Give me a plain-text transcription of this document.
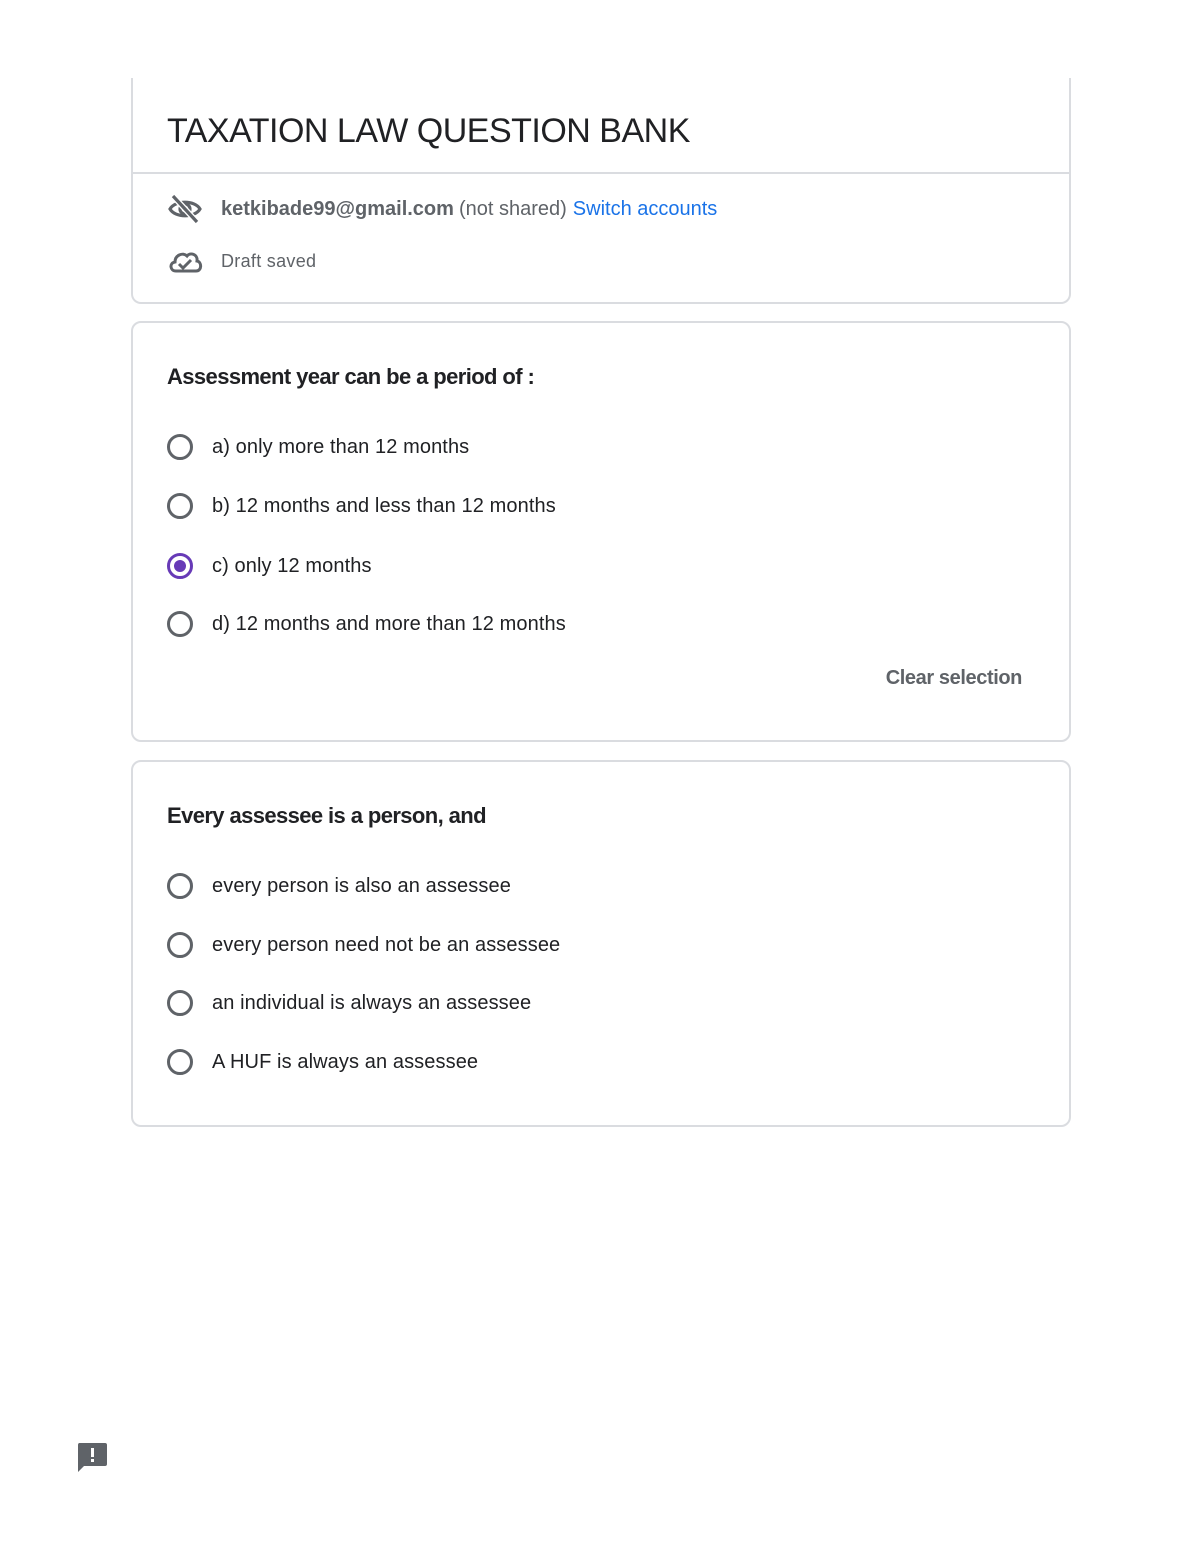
TAXATION LAW QUESTION BANK
ketkibade99@gmail.com (not shared) Switch accounts
Draft saved
Assessment year can be a period of :
a) only more than 12 months
b) 12 months and less than 12 months
c) only 12 months
d) 12 months and more than 12 months
Clear selection
Every assessee is a person, and
every person is also an assessee
every person need not be an assessee
an individual is always an assessee
A HUF is always an assessee
